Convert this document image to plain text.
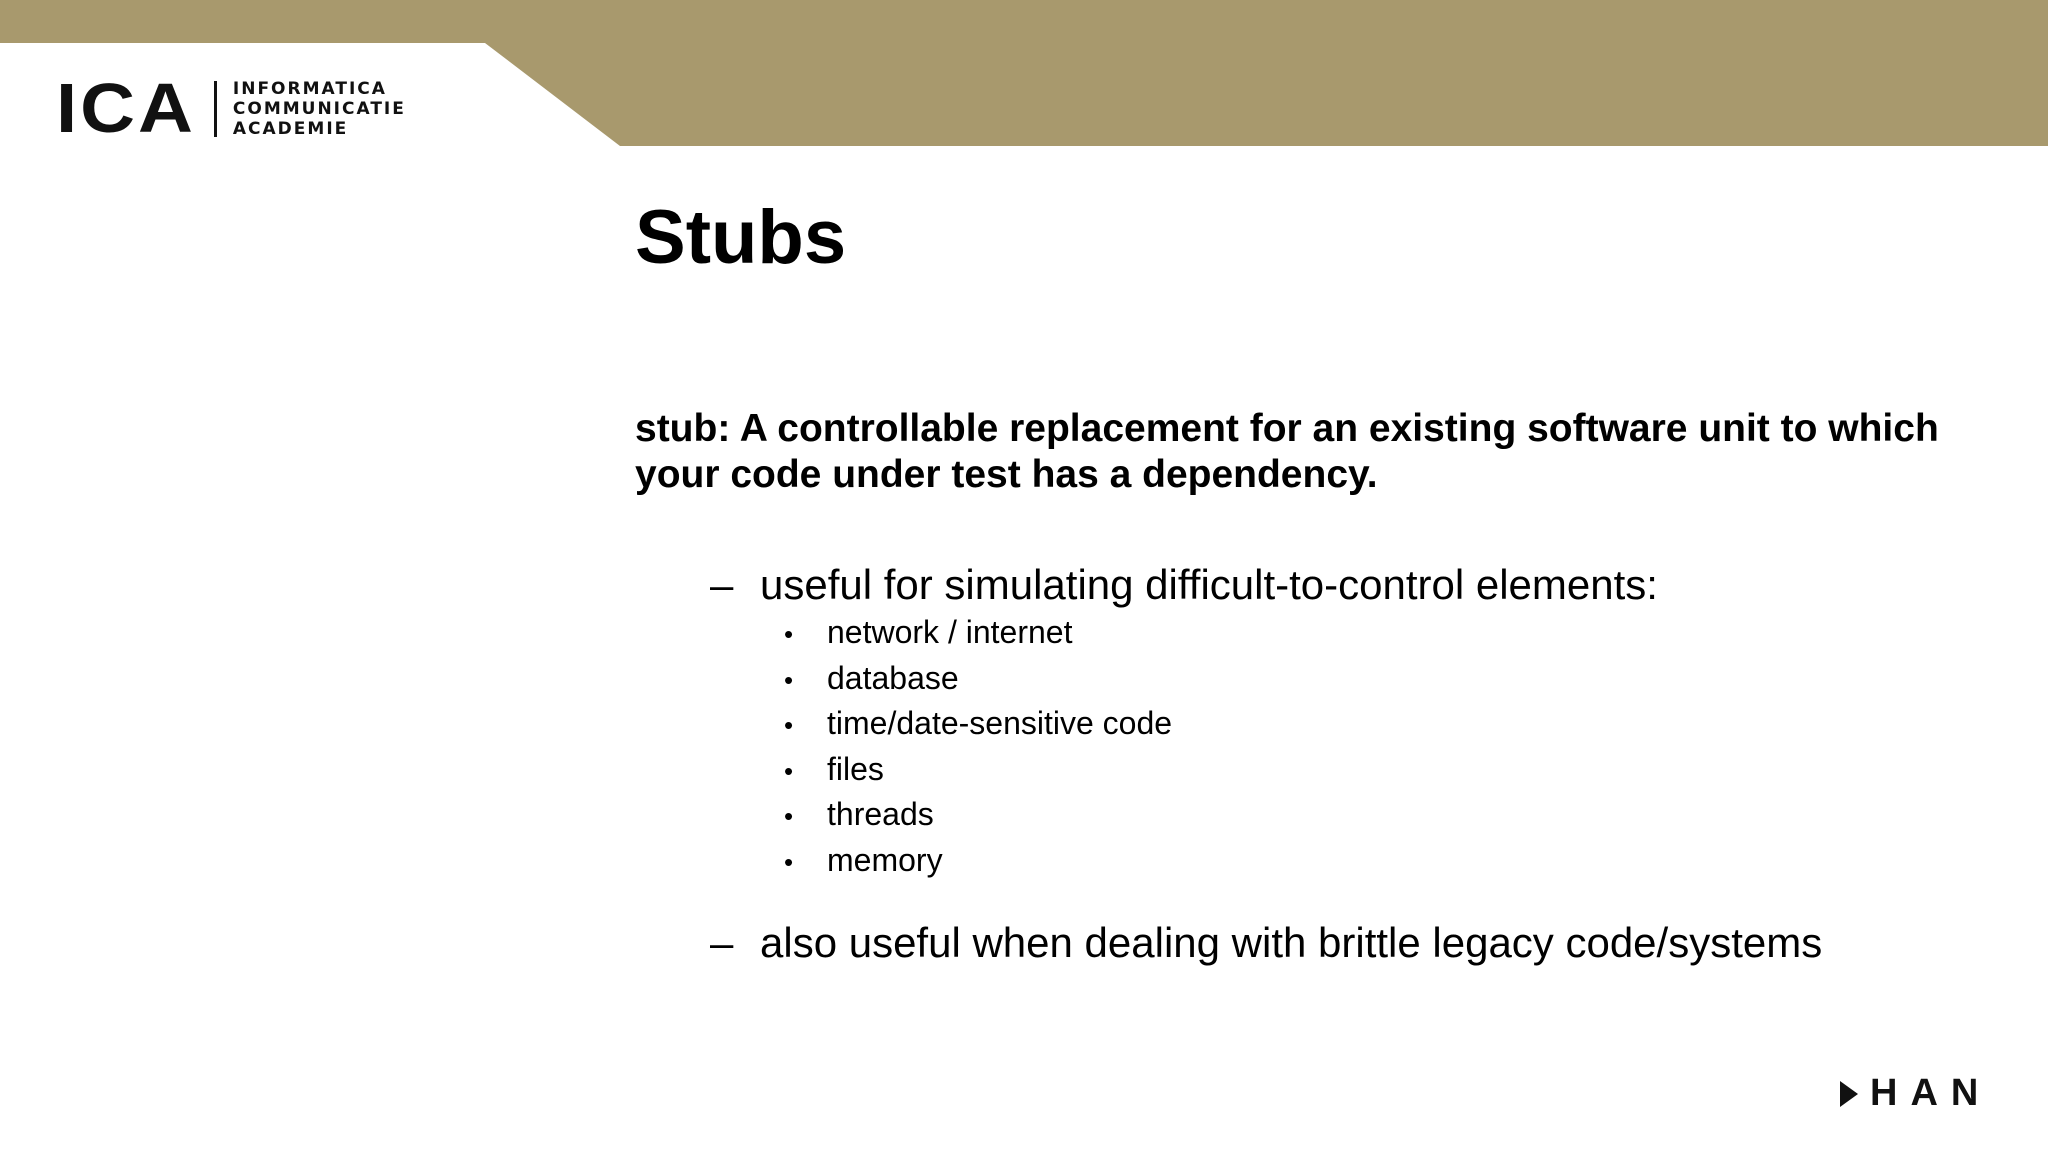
ICA INFORMATICA
COMMUNICATIE
ACADEMIE
Stubs

stub: A controllable replacement for an existing software unit to which your code under test has a dependency.

– useful for simulating difficult-to-control elements:
•	network / internet
•	database
•	time/date-sensitive code
•	files
•	threads
•	memory
– also useful when dealing with brittle legacy code/systems
HAN
